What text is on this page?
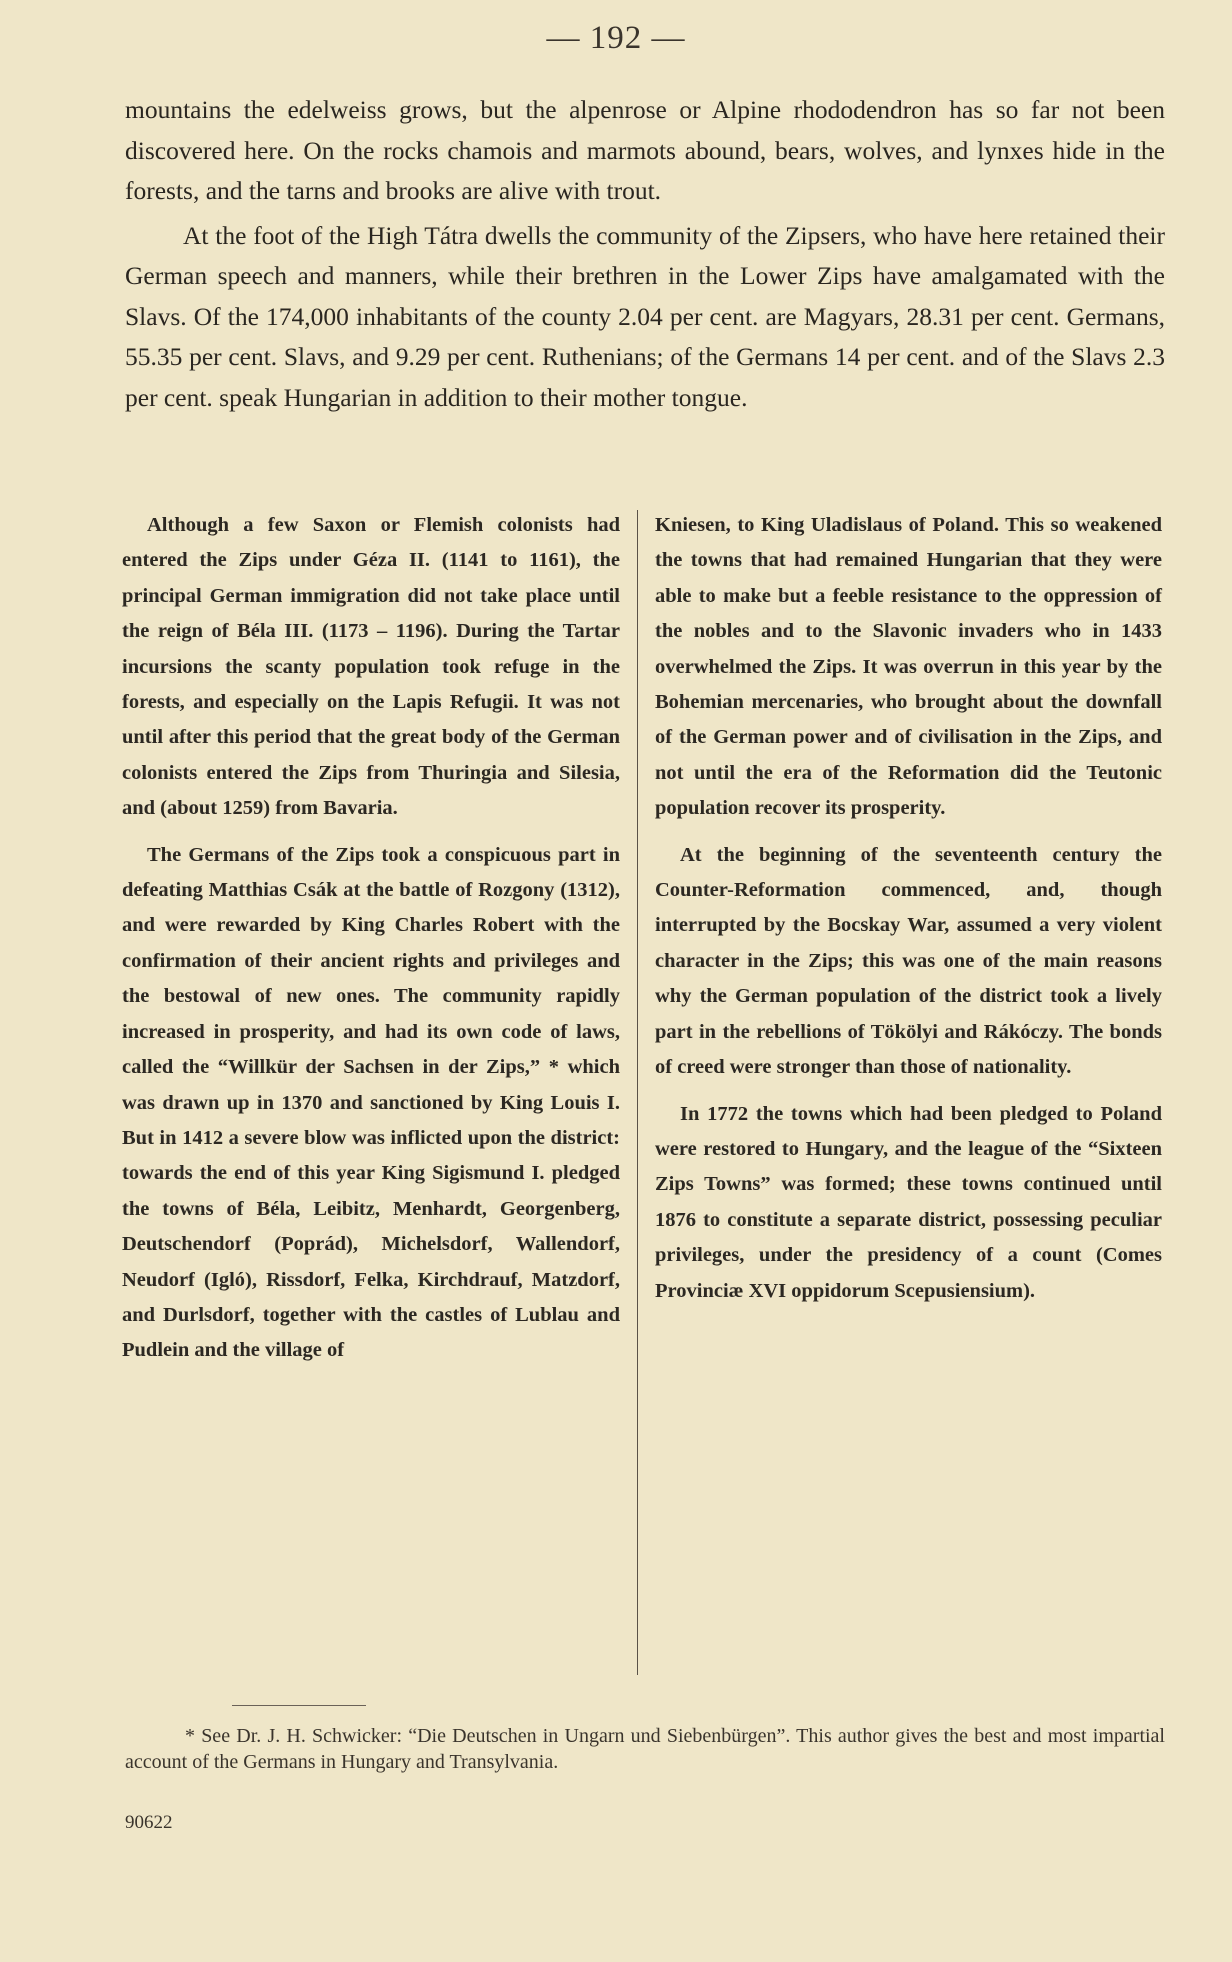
— 192 —

mountains the edelweiss grows, but the alpenrose or Alpine rhododendron has so far not been discovered here. On the rocks chamois and marmots abound, bears, wolves, and lynxes hide in the forests, and the tarns and brooks are alive with trout.

At the foot of the High Tátra dwells the community of the Zipsers, who have here retained their German speech and manners, while their brethren in the Lower Zips have amalgamated with the Slavs. Of the 174,000 inhabitants of the county 2.04 per cent. are Magyars, 28.31 per cent. Germans, 55.35 per cent. Slavs, and 9.29 per cent. Ruthenians; of the Germans 14 per cent. and of the Slavs 2.3 per cent. speak Hungarian in addition to their mother tongue.

Although a few Saxon or Flemish colonists had entered the Zips under Géza II. (1141 to 1161), the principal German immigration did not take place until the reign of Béla III. (1173 – 1196). During the Tartar incursions the scanty population took refuge in the forests, and especially on the Lapis Refugii. It was not until after this period that the great body of the German colonists entered the Zips from Thuringia and Silesia, and (about 1259) from Bavaria.

The Germans of the Zips took a conspicuous part in defeating Matthias Csák at the battle of Rozgony (1312), and were rewarded by King Charles Robert with the confirmation of their ancient rights and privileges and the bestowal of new ones. The community rapidly increased in prosperity, and had its own code of laws, called the “Willkür der Sachsen in der Zips,” * which was drawn up in 1370 and sanctioned by King Louis I. But in 1412 a severe blow was inflicted upon the district: towards the end of this year King Sigismund I. pledged the towns of Béla, Leibitz, Menhardt, Georgenberg, Deutschendorf (Poprád), Michelsdorf, Wallendorf, Neudorf (Igló), Rissdorf, Felka, Kirchdrauf, Matzdorf, and Durlsdorf, together with the castles of Lublau and Pudlein and the village of

Kniesen, to King Uladislaus of Poland. This so weakened the towns that had remained Hungarian that they were able to make but a feeble resistance to the oppression of the nobles and to the Slavonic invaders who in 1433 overwhelmed the Zips. It was overrun in this year by the Bohemian mercenaries, who brought about the downfall of the German power and of civilisation in the Zips, and not until the era of the Reformation did the Teutonic population recover its prosperity.

At the beginning of the seventeenth century the Counter-Reformation commenced, and, though interrupted by the Bocskay War, assumed a very violent character in the Zips; this was one of the main reasons why the German population of the district took a lively part in the rebellions of Tökölyi and Rákóczy. The bonds of creed were stronger than those of nationality.

In 1772 the towns which had been pledged to Poland were restored to Hungary, and the league of the “Sixteen Zips Towns” was formed; these towns continued until 1876 to constitute a separate district, possessing peculiar privileges, under the presidency of a count (Comes Provinciæ XVI oppidorum Scepusiensium).

* See Dr. J. H. Schwicker: “Die Deutschen in Ungarn und Siebenbürgen”. This author gives the best and most impartial account of the Germans in Hungary and Transylvania.

90622
